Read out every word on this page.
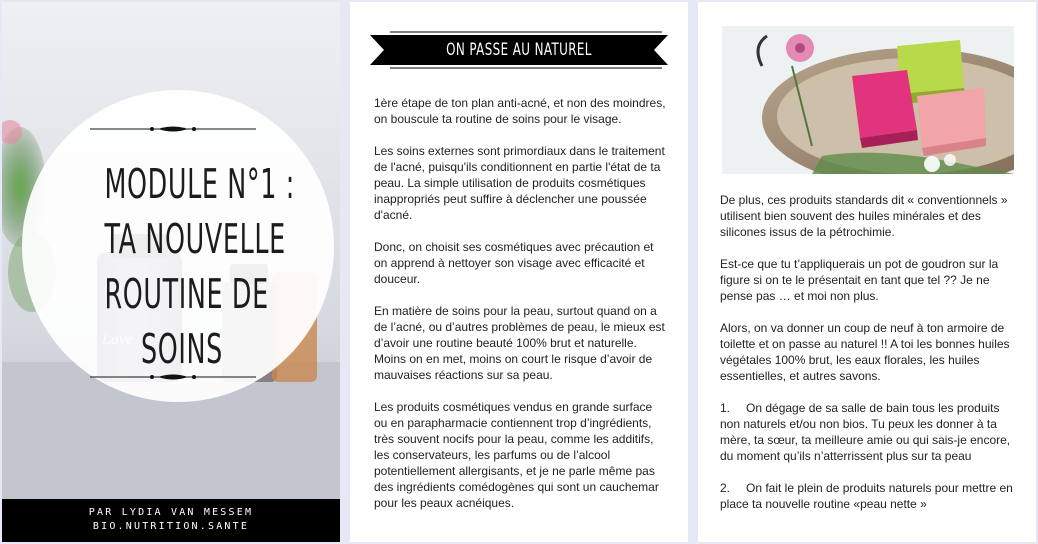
MODULE N°1 :
TA NOUVELLE
ROUTINE DE
SOINS
PAR LYDIA VAN MESSEM
BIO.NUTRITION.SANTE
ON PASSE AU NATUREL

1ère étape de ton plan anti-acné, et non des moindres, on bouscule ta routine de soins pour le visage.

Les soins externes sont primordiaux dans le traitement de l'acné, puisqu'ils conditionnent en partie l'état de ta peau. La simple utilisation de produits cosmétiques inappropriés peut suffire à déclencher une poussée d'acné.

Donc, on choisit ses cosmétiques avec précaution et on apprend à nettoyer son visage avec efficacité et douceur.

En matière de soins pour la peau, surtout quand on a de l’acné, ou d’autres problèmes de peau, le mieux est d’avoir une routine beauté 100% brut et naturelle. Moins on en met, moins on court le risque d’avoir de mauvaises réactions sur sa peau.

Les produits cosmétiques vendus en grande surface ou en parapharmacie contiennent trop d’ingrédients, très souvent nocifs pour la peau, comme les additifs, les conservateurs, les parfums ou de l’alcool potentiellement allergisants, et je ne parle même pas des ingrédients comédogènes qui sont un cauchemar pour les peaux acnéiques.

De plus, ces produits standards dit « conventionnels » utilisent bien souvent des huiles minérales et des silicones issus de la pétrochimie.

Est-ce que tu t’appliquerais un pot de goudron sur la figure si on te le présentait en tant que tel ?? Je ne pense pas … et moi non plus.

Alors, on va donner un coup de neuf à ton armoire de toilette et on passe au naturel !! A toi les bonnes huiles végétales 100% brut, les eaux florales, les huiles essentielles, et autres savons.

1. On dégage de sa salle de bain tous les produits non naturels et/ou non bios. Tu peux les donner à ta mère, ta sœur, ta meilleure amie ou qui sais-je encore, du moment qu’ils n’atterrissent plus sur ta peau

2. On fait le plein de produits naturels pour mettre en place ta nouvelle routine «peau nette »
